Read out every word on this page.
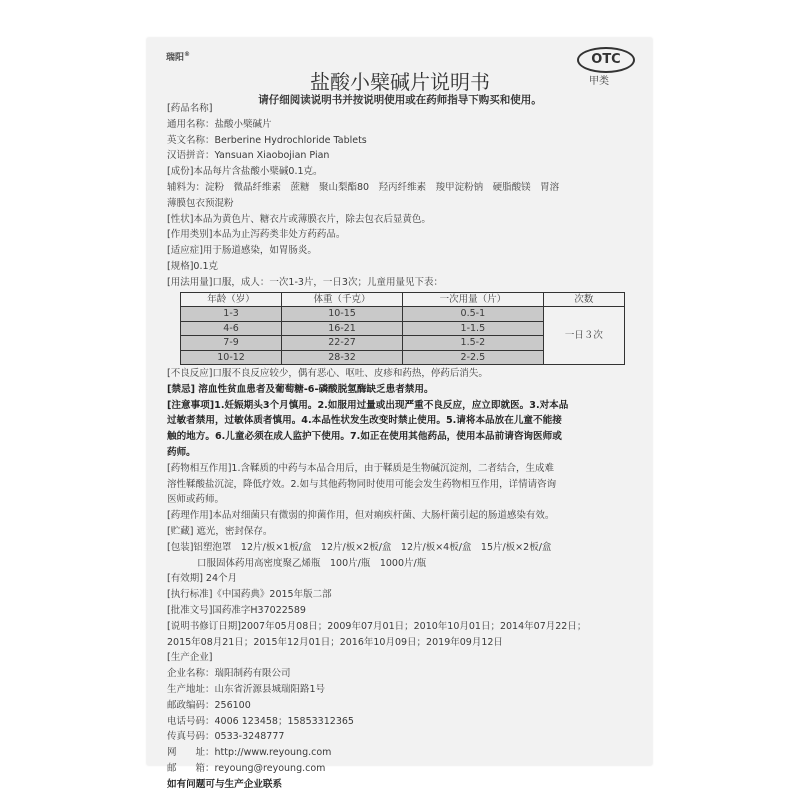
瑞阳®	OTC
甲类
盐酸小檗碱片说明书
请仔细阅读说明书并按说明使用或在药师指导下购买和使用。
[药品名称]
通用名称：盐酸小檗碱片
英文名称：Berberine Hydrochloride Tablets
汉语拼音：Yansuan Xiaobojian Pian
[成份]本品每片含盐酸小檗碱0.1克。
辅料为：淀粉　微晶纤维素　蔗糖　聚山梨酯80　羟丙纤维素　羧甲淀粉钠　硬脂酸镁　胃溶
薄膜包衣预混粉
[性状]本品为黄色片、糖衣片或薄膜衣片，除去包衣后显黄色。
[作用类别]本品为止泻药类非处方药药品。
[适应症]用于肠道感染，如胃肠炎。
[规格]0.1克
[用法用量]口服，成人：一次1-3片，一日3次；儿童用量见下表：
年龄（岁）	体重（千克）	一次用量（片）	次数
1-3	10-15	0.5-1	一日３次
4-6	16-21	1-1.5	
7-9	22-27	1.5-2	
10-12	28-32	2-2.5	
[不良反应]口服不良反应较少，偶有恶心、呕吐、皮疹和药热，停药后消失。
[禁忌] 溶血性贫血患者及葡萄糖-6-磷酸脱氢酶缺乏患者禁用。
[注意事项]1.妊娠期头3个月慎用。2.如服用过量或出现严重不良反应，应立即就医。3.对本品
过敏者禁用，过敏体质者慎用。4.本品性状发生改变时禁止使用。5.请将本品放在儿童不能接
触的地方。6.儿童必须在成人监护下使用。7.如正在使用其他药品，使用本品前请咨询医师或
药师。
[药物相互作用]1.含鞣质的中药与本品合用后，由于鞣质是生物碱沉淀剂，二者结合，生成难
溶性鞣酸盐沉淀，降低疗效。2.如与其他药物同时使用可能会发生药物相互作用，详情请咨询
医师或药师。
[药理作用]本品对细菌只有微弱的抑菌作用，但对痢疾杆菌、大肠杆菌引起的肠道感染有效。
[贮藏] 遮光，密封保存。
[包装]铝塑泡罩　12片/板×1板/盒　12片/板×2板/盒　12片/板×4板/盒　15片/板×2板/盒
口服固体药用高密度聚乙烯瓶　100片/瓶　1000片/瓶
[有效期] 24个月
[执行标准]《中国药典》2015年版二部
[批准文号]国药准字H37022589
[说明书修订日期]2007年05月08日；2009年07月01日；2010年10月01日；2014年07月22日；
2015年08月21日；2015年12月01日；2016年10月09日；2019年09月12日
[生产企业]
企业名称：瑞阳制药有限公司
生产地址：山东省沂源县城瑞阳路1号
邮政编码：256100
电话号码：4006 123458；15853312365
传真号码：0533-3248777
网　　址：http://www.reyoung.com
邮　　箱：reyoung@reyoung.com
如有问题可与生产企业联系
